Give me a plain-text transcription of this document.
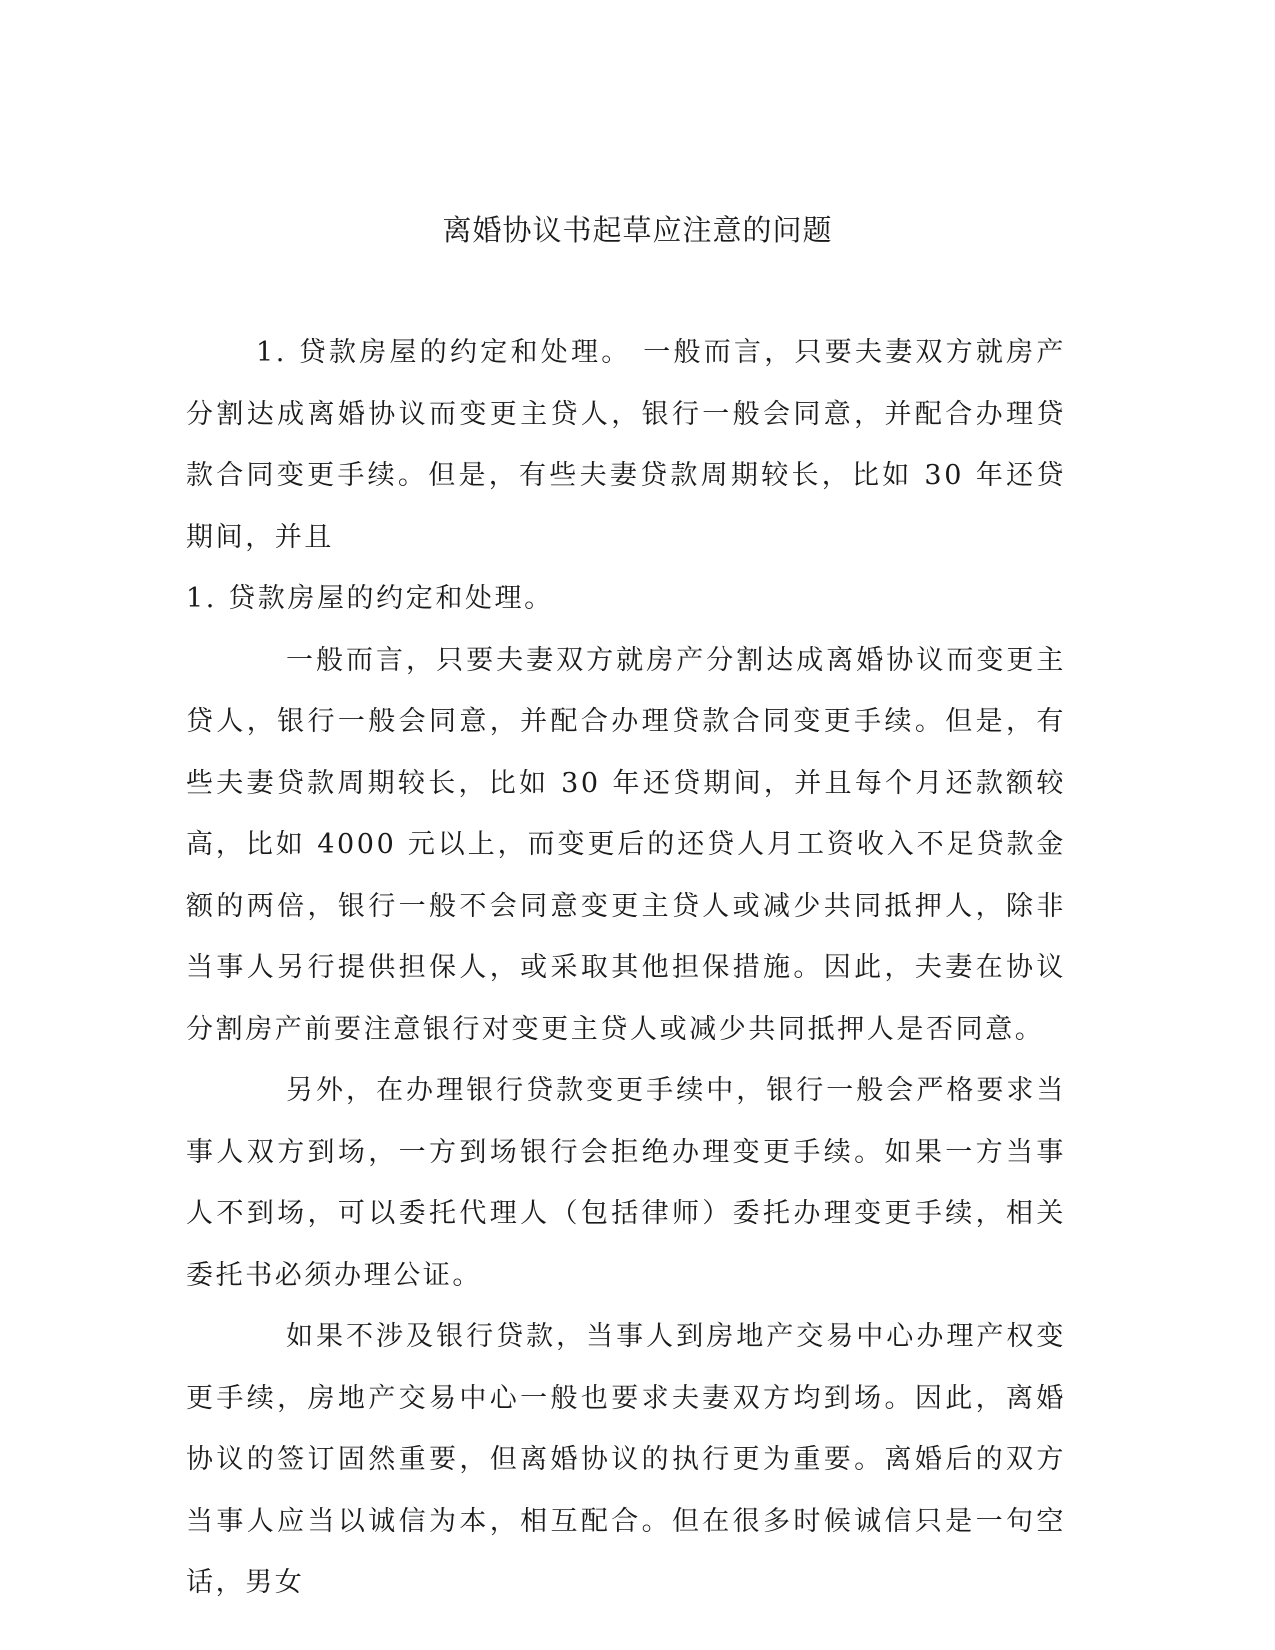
离婚协议书起草应注意的问题

1. 贷款房屋的约定和处理。 一般而言，只要夫妻双方就房产分割达成离婚协议而变更主贷人，银行一般会同意，并配合办理贷款合同变更手续。但是，有些夫妻贷款周期较长，比如 30 年还贷期间，并且

1. 贷款房屋的约定和处理。

一般而言，只要夫妻双方就房产分割达成离婚协议而变更主贷人，银行一般会同意，并配合办理贷款合同变更手续。但是，有些夫妻贷款周期较长，比如 30 年还贷期间，并且每个月还款额较高，比如 4000 元以上，而变更后的还贷人月工资收入不足贷款金额的两倍，银行一般不会同意变更主贷人或减少共同抵押人，除非当事人另行提供担保人，或采取其他担保措施。因此，夫妻在协议分割房产前要注意银行对变更主贷人或减少共同抵押人是否同意。

另外，在办理银行贷款变更手续中，银行一般会严格要求当事人双方到场，一方到场银行会拒绝办理变更手续。如果一方当事人不到场，可以委托代理人（包括律师）委托办理变更手续，相关委托书必须办理公证。

如果不涉及银行贷款，当事人到房地产交易中心办理产权变更手续，房地产交易中心一般也要求夫妻双方均到场。因此，离婚协议的签订固然重要，但离婚协议的执行更为重要。离婚后的双方当事人应当以诚信为本，相互配合。但在很多时候诚信只是一句空话，男女
